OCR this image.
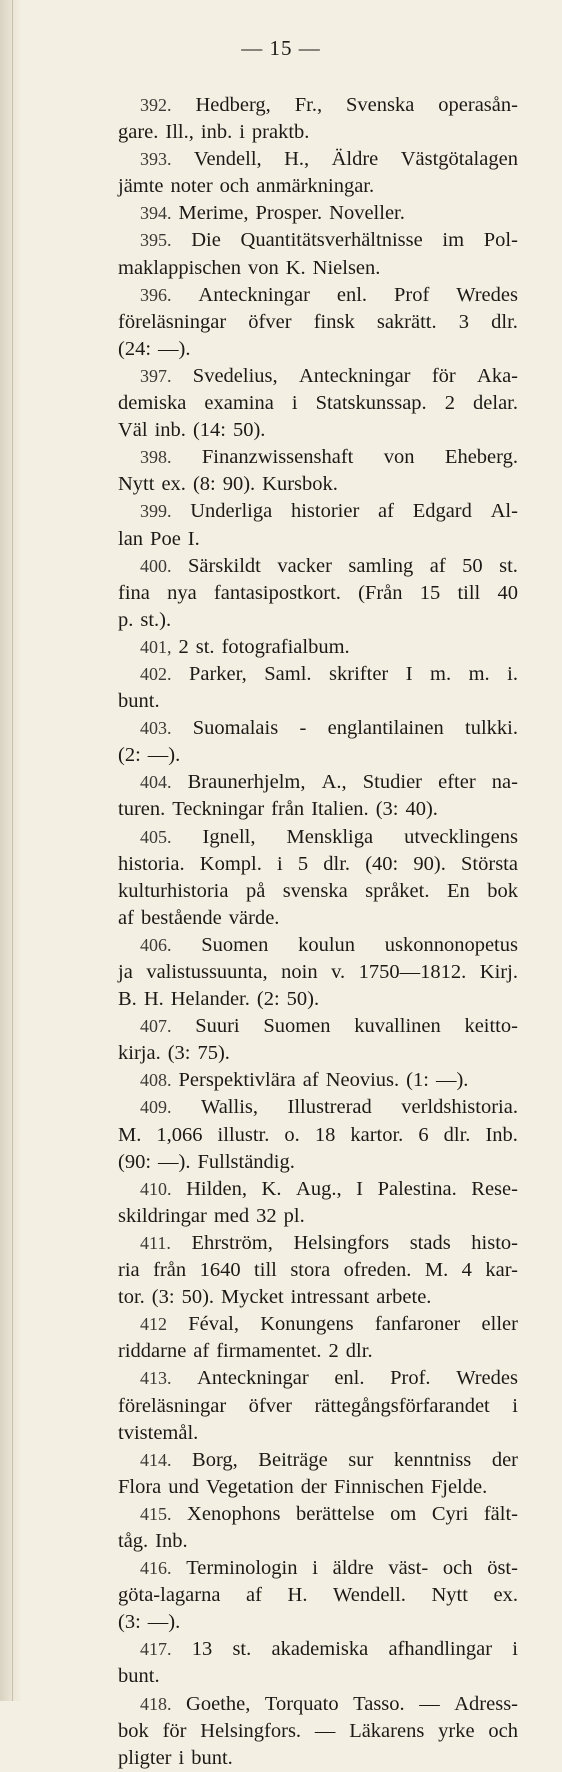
— 15 —
392. Hedberg, Fr., Svenska operasån-
gare. Ill., inb. i praktb.
393. Vendell, H., Äldre Västgötalagen
jämte noter och anmärkningar.
394. Merime, Prosper. Noveller.
395. Die Quantitätsverhältnisse im Pol-
maklappischen von K. Nielsen.
396. Anteckningar enl. Prof Wredes
föreläsningar öfver finsk sakrätt. 3 dlr.
(24: —).
397. Svedelius, Anteckningar för Aka-
demiska examina i Statskunssap. 2 delar.
Väl inb. (14: 50).
398. Finanzwissenshaft von Eheberg.
Nytt ex. (8: 90). Kursbok.
399. Underliga historier af Edgard Al-
lan Poe I.
400. Särskildt vacker samling af 50 st.
fina nya fantasipostkort. (Från 15 till 40
p. st.).
401, 2 st. fotografialbum.
402. Parker, Saml. skrifter I m. m. i.
bunt.
403. Suomalais - englantilainen tulkki.
(2: —).
404. Braunerhjelm, A., Studier efter na-
turen. Teckningar från Italien. (3: 40).
405. Ignell, Menskliga utvecklingens
historia. Kompl. i 5 dlr. (40: 90). Största
kulturhistoria på svenska språket. En bok
af bestående värde.
406. Suomen koulun uskonnonopetus
ja valistussuunta, noin v. 1750—1812. Kirj.
B. H. Helander. (2: 50).
407. Suuri Suomen kuvallinen keitto-
kirja. (3: 75).
408. Perspektivlära af Neovius. (1: —).
409. Wallis, Illustrerad verldshistoria.
M. 1,066 illustr. o. 18 kartor. 6 dlr. Inb.
(90: —). Fullständig.
410. Hilden, K. Aug., I Palestina. Rese-
skildringar med 32 pl.
411. Ehrström, Helsingfors stads histo-
ria från 1640 till stora ofreden. M. 4 kar-
tor. (3: 50). Mycket intressant arbete.
412 Féval, Konungens fanfaroner eller
riddarne af firmamentet. 2 dlr.
413. Anteckningar enl. Prof. Wredes
föreläsningar öfver rättegångsförfarandet i
tvistemål.
414. Borg, Beiträge sur kenntniss der
Flora und Vegetation der Finnischen Fjelde.
415. Xenophons berättelse om Cyri fält-
tåg. Inb.
416. Terminologin i äldre väst- och öst-
göta-lagarna af H. Wendell. Nytt ex.
(3: —).
417. 13 st. akademiska afhandlingar i
bunt.
418. Goethe, Torquato Tasso. — Adress-
bok för Helsingfors. — Läkarens yrke och
pligter i bunt.
